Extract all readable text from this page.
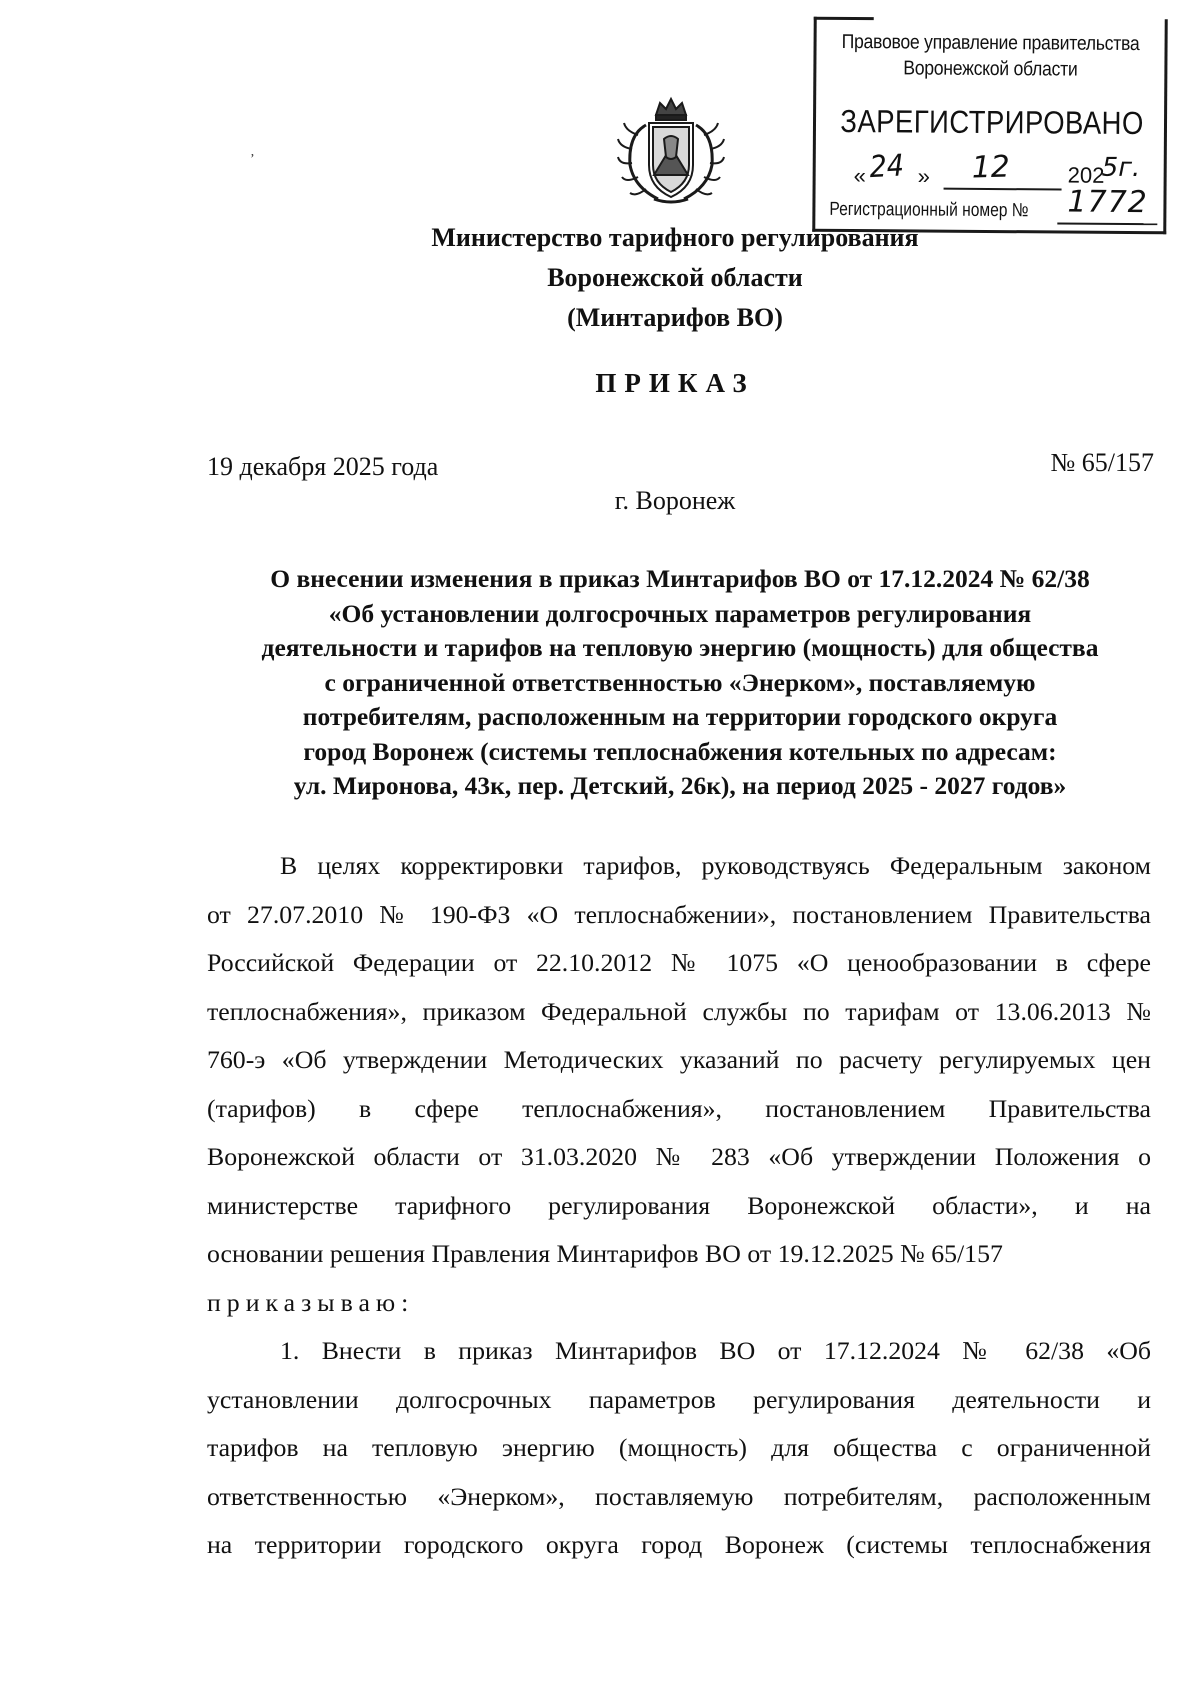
ʼ
Правовое управление правительства
Воронежской области
ЗАРЕГИСТРИРОВАНО
« 24 » 12	202
5г.
Регистрационный номер № 1772
Министерство тарифного регулирования
Воронежской области
(Минтарифов ВО)
ПРИКАЗ
19 декабря 2025 года	№ 65/157
г. Воронеж
О внесении изменения в приказ Минтарифов ВО от 17.12.2024 № 62/38
«Об установлении долгосрочных параметров регулирования
деятельности и тарифов на тепловую энергию (мощность) для общества
с ограниченной ответственностью «Энерком», поставляемую
потребителям, расположенным на территории городского округа
город Воронеж (системы теплоснабжения котельных по адресам:
ул. Миронова, 43к, пер. Детский, 26к), на период 2025 - 2027 годов»
В целях корректировки тарифов, руководствуясь Федеральным законом
от 27.07.2010 № 190-ФЗ «О теплоснабжении», постановлением Правительства
Российской Федерации от 22.10.2012 № 1075 «О ценообразовании в сфере
теплоснабжения», приказом Федеральной службы по тарифам от 13.06.2013 №
760-э «Об утверждении Методических указаний по расчету регулируемых цен
(тарифов) в сфере теплоснабжения», постановлением Правительства
Воронежской области от 31.03.2020 № 283 «Об утверждении Положения о
министерстве тарифного регулирования Воронежской области», и на
основании решения Правления Минтарифов ВО от 19.12.2025 № 65/157
приказываю:
1. Внести в приказ Минтарифов ВО от 17.12.2024 № 62/38 «Об
установлении долгосрочных параметров регулирования деятельности и
тарифов на тепловую энергию (мощность) для общества с ограниченной
ответственностью «Энерком», поставляемую потребителям, расположенным
на территории городского округа город Воронеж (системы теплоснабжения
